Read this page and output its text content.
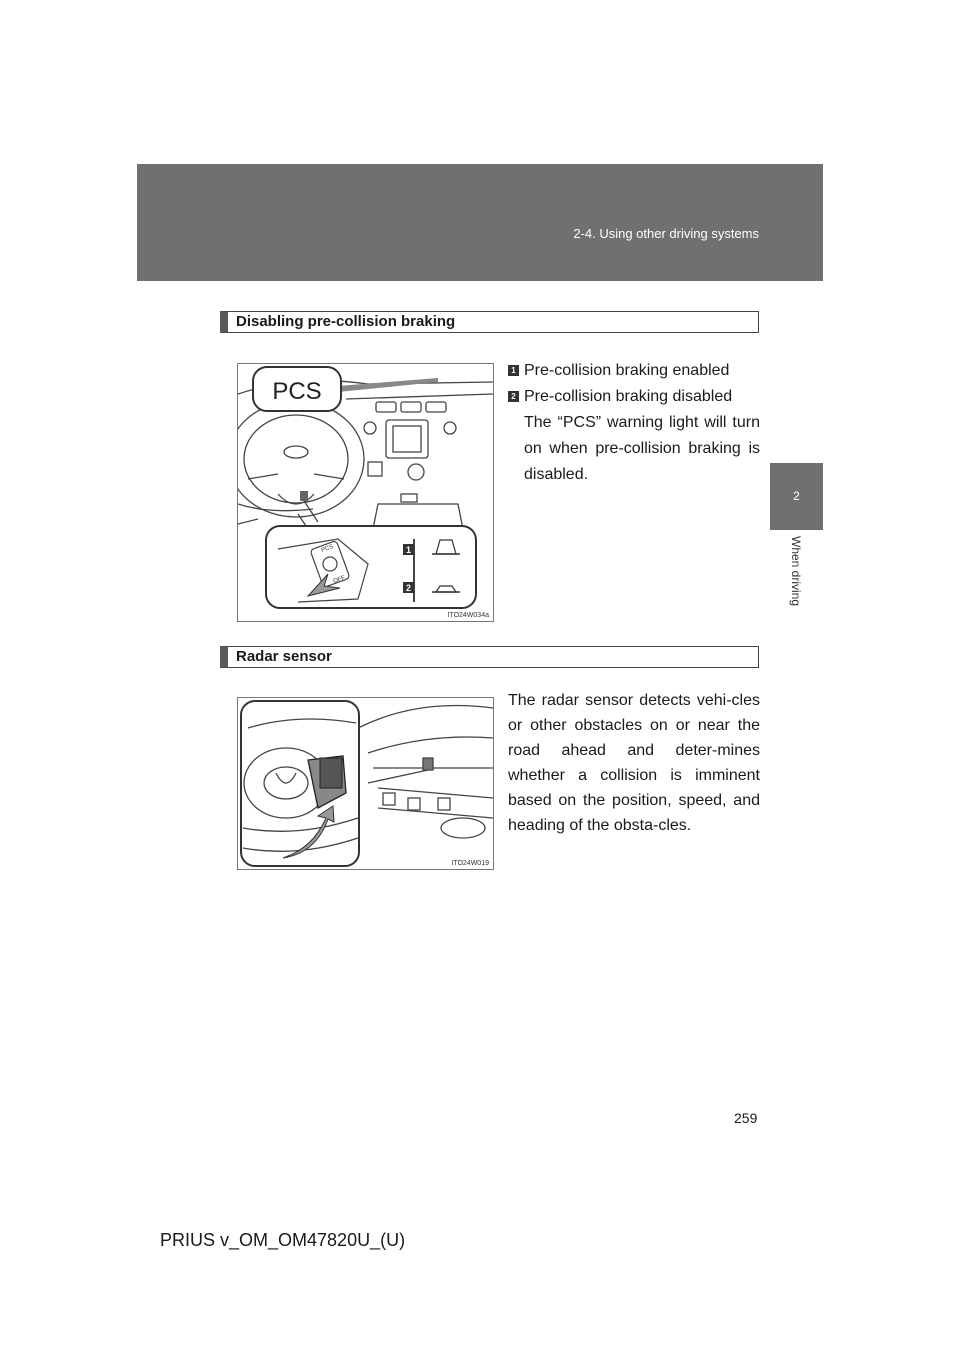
2-4. Using other driving systems
2
When driving
Disabling pre-collision braking
PCS
PCS
OFF
1
2
ITO24W034a
1 Pre-collision braking enabled
2 Pre-collision braking disabled
The “PCS” warning light will turn on when pre-collision braking is disabled.
Radar sensor
ITO24W019
The radar sensor detects vehi-cles or other obstacles on or near the road ahead and deter-mines whether a collision is imminent based on the position, speed, and heading of the obsta-cles.
259
PRIUS v_OM_OM47820U_(U)
